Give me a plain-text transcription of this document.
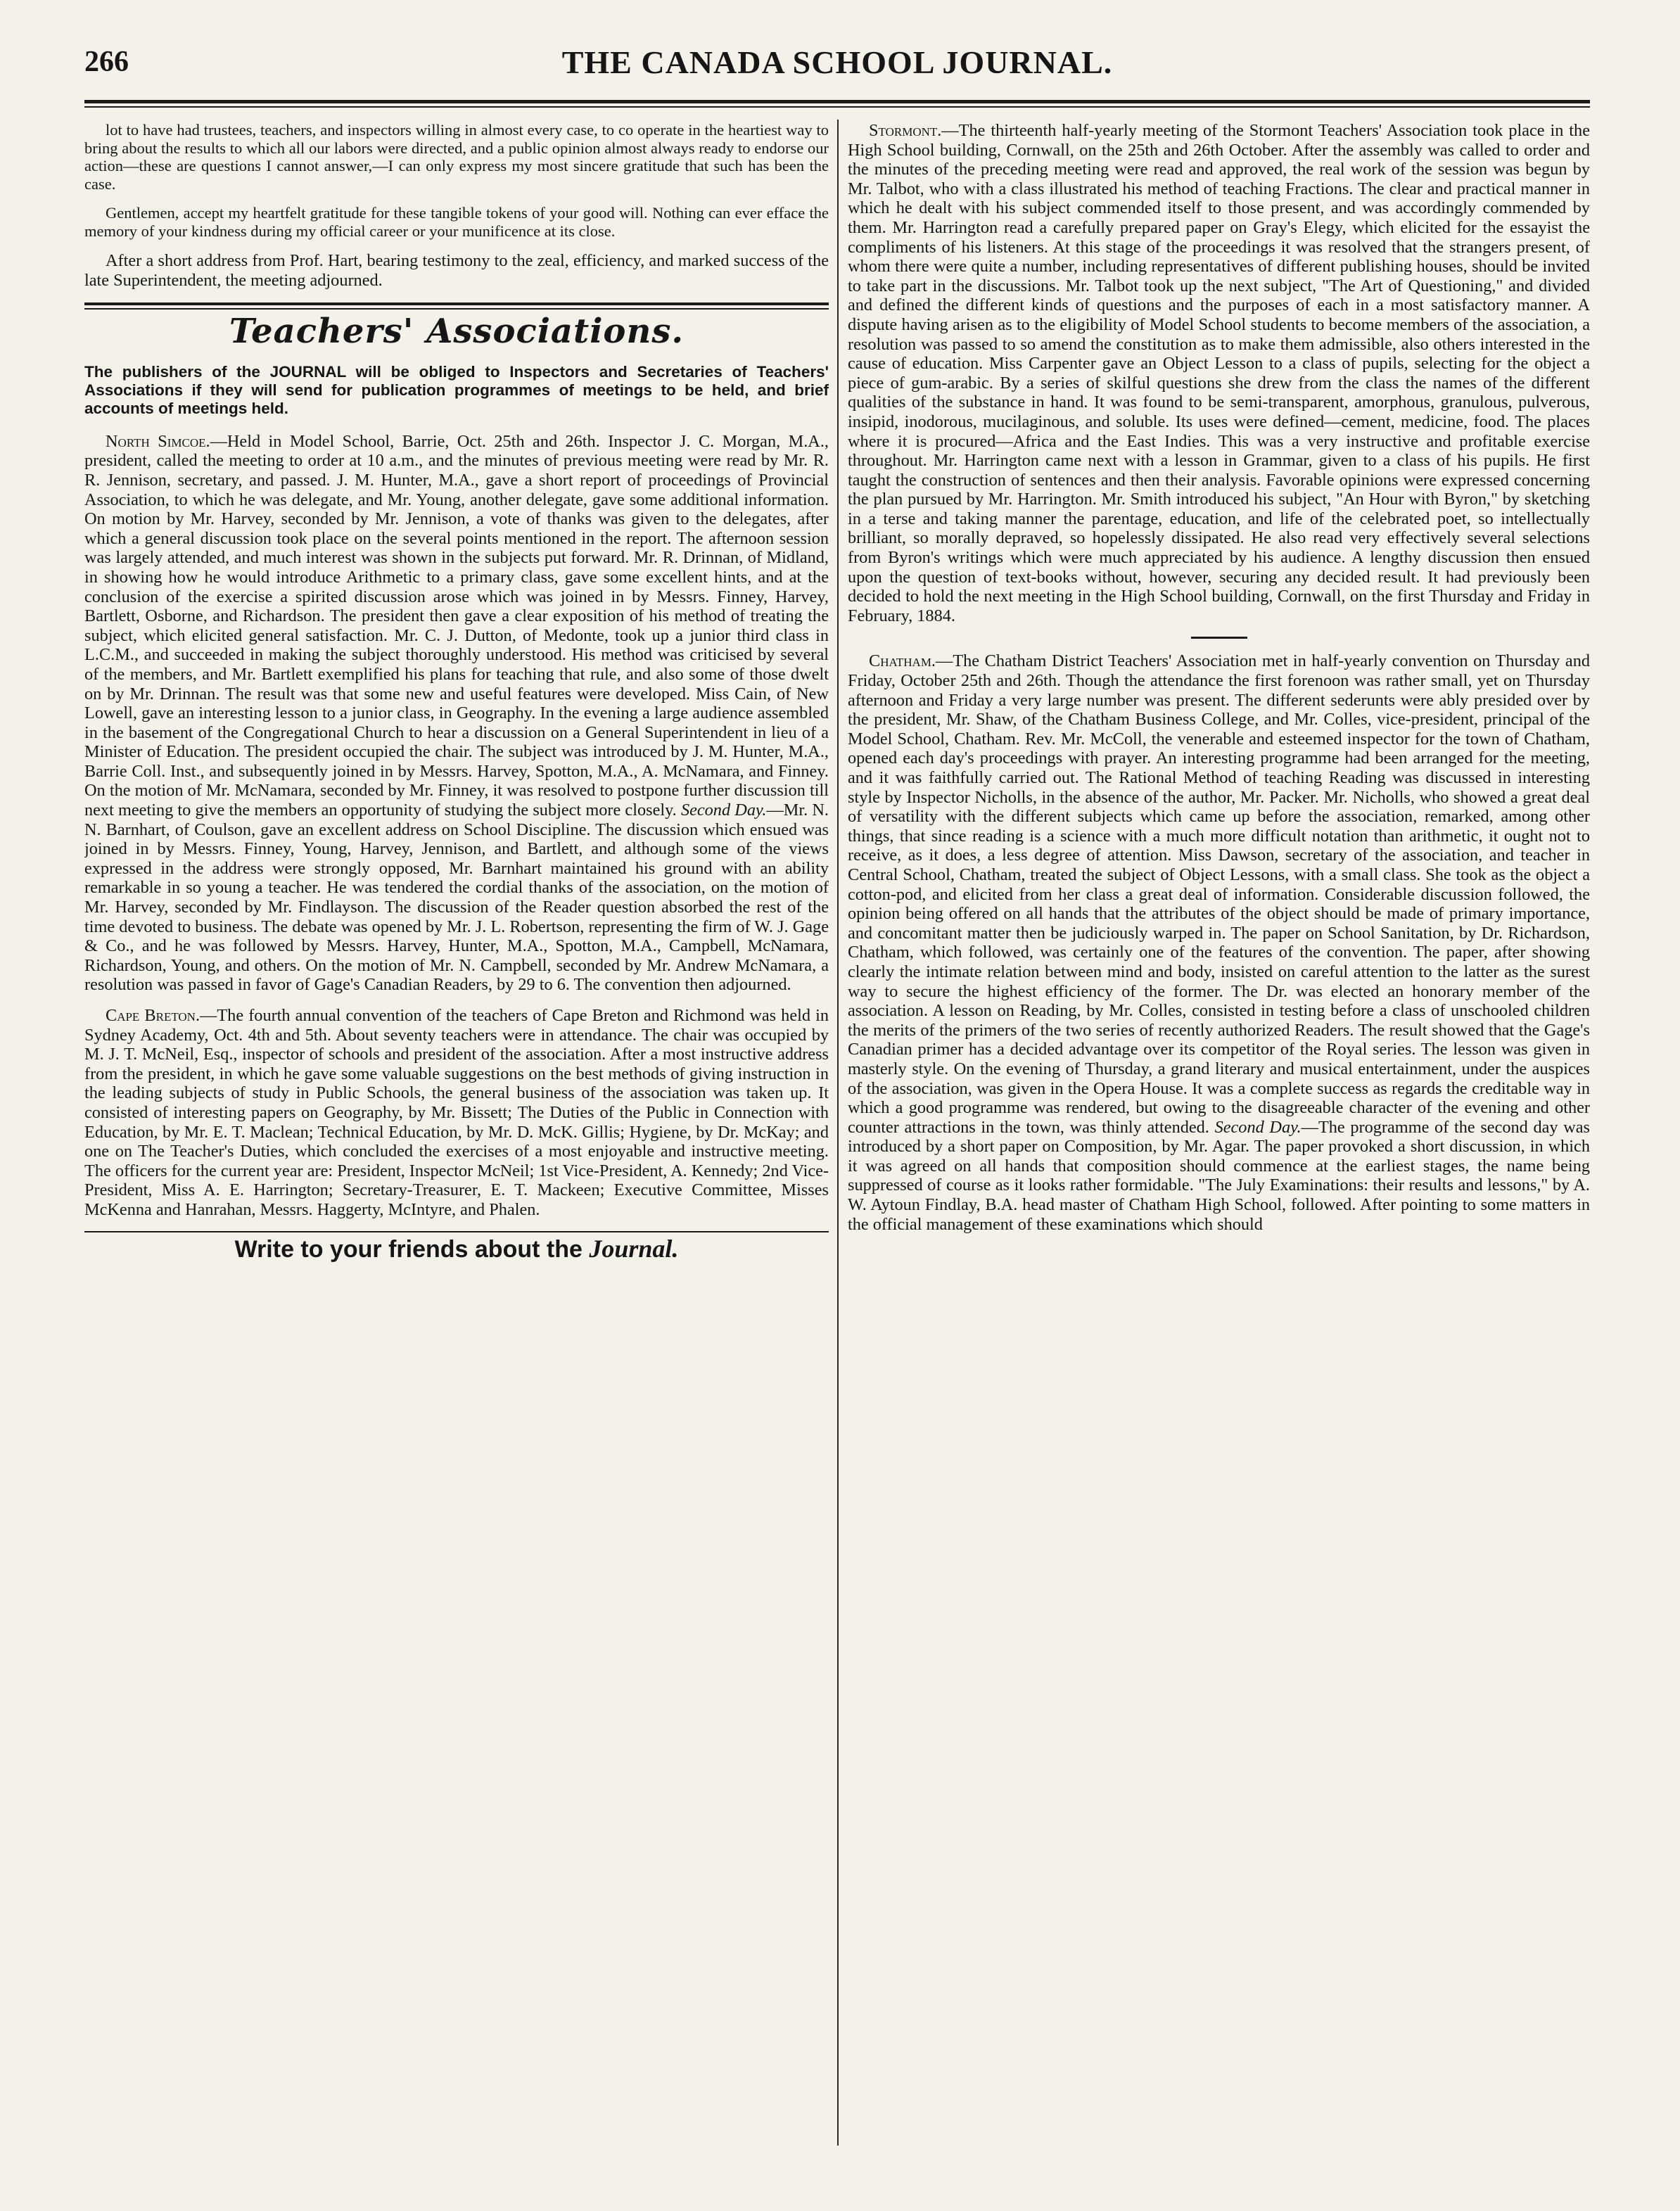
266	THE CANADA SCHOOL JOURNAL.

lot to have had trustees, teachers, and inspectors willing in almost every case, to co operate in the heartiest way to bring about the results to which all our labors were directed, and a public opinion almost always ready to endorse our action—these are questions I cannot answer,—I can only express my most sincere gratitude that such has been the case.

Gentlemen, accept my heartfelt gratitude for these tangible tokens of your good will. Nothing can ever efface the memory of your kindness during my official career or your munificence at its close.

After a short address from Prof. Hart, bearing testimony to the zeal, efficiency, and marked success of the late Superintendent, the meeting adjourned.

Teachers' Associations.

The publishers of the JOURNAL will be obliged to Inspectors and Secretaries of Teachers' Associations if they will send for publication programmes of meetings to be held, and brief accounts of meetings held.

North Simcoe.—Held in Model School, Barrie, Oct. 25th and 26th. Inspector J. C. Morgan, M.A., president, called the meeting to order at 10 a.m., and the minutes of previous meeting were read by Mr. R. R. Jennison, secretary, and passed. J. M. Hunter, M.A., gave a short report of proceedings of Provincial Association, to which he was delegate, and Mr. Young, another delegate, gave some additional information. On motion by Mr. Harvey, seconded by Mr. Jennison, a vote of thanks was given to the delegates, after which a general discussion took place on the several points mentioned in the report. The afternoon session was largely attended, and much interest was shown in the subjects put forward. Mr. R. Drinnan, of Midland, in showing how he would introduce Arithmetic to a primary class, gave some excellent hints, and at the conclusion of the exercise a spirited discussion arose which was joined in by Messrs. Finney, Harvey, Bartlett, Osborne, and Richardson. The president then gave a clear exposition of his method of treating the subject, which elicited general satisfaction. Mr. C. J. Dutton, of Medonte, took up a junior third class in L.C.M., and succeeded in making the subject thoroughly understood. His method was criticised by several of the members, and Mr. Bartlett exemplified his plans for teaching that rule, and also some of those dwelt on by Mr. Drinnan. The result was that some new and useful features were developed. Miss Cain, of New Lowell, gave an interesting lesson to a junior class, in Geography. In the evening a large audience assembled in the basement of the Congregational Church to hear a discussion on a General Superintendent in lieu of a Minister of Education. The president occupied the chair. The subject was introduced by J. M. Hunter, M.A., Barrie Coll. Inst., and subsequently joined in by Messrs. Harvey, Spotton, M.A., A. McNamara, and Finney. On the motion of Mr. McNamara, seconded by Mr. Finney, it was resolved to postpone further discussion till next meeting to give the members an opportunity of studying the subject more closely. Second Day.—Mr. N. N. Barnhart, of Coulson, gave an excellent address on School Discipline. The discussion which ensued was joined in by Messrs. Finney, Young, Harvey, Jennison, and Bartlett, and although some of the views expressed in the address were strongly opposed, Mr. Barnhart maintained his ground with an ability remarkable in so young a teacher. He was tendered the cordial thanks of the association, on the motion of Mr. Harvey, seconded by Mr. Findlayson. The discussion of the Reader question absorbed the rest of the time devoted to business. The debate was opened by Mr. J. L. Robertson, representing the firm of W. J. Gage & Co., and he was followed by Messrs. Harvey, Hunter, M.A., Spotton, M.A., Campbell, McNamara, Richardson, Young, and others. On the motion of Mr. N. Campbell, seconded by Mr. Andrew McNamara, a resolution was passed in favor of Gage's Canadian Readers, by 29 to 6. The convention then adjourned.

Cape Breton.—The fourth annual convention of the teachers of Cape Breton and Richmond was held in Sydney Academy, Oct. 4th and 5th. About seventy teachers were in attendance. The chair was occupied by M. J. T. McNeil, Esq., inspector of schools and president of the association. After a most instructive address from the president, in which he gave some valuable suggestions on the best methods of giving instruction in the leading subjects of study in Public Schools, the general business of the association was taken up. It consisted of interesting papers on Geography, by Mr. Bissett; The Duties of the Public in Connection with Education, by Mr. E. T. Maclean; Technical Education, by Mr. D. McK. Gillis; Hygiene, by Dr. McKay; and one on The Teacher's Duties, which concluded the exercises of a most enjoyable and instructive meeting. The officers for the current year are: President, Inspector McNeil; 1st Vice-President, A. Kennedy; 2nd Vice-President, Miss A. E. Harrington; Secretary-Treasurer, E. T. Mackeen; Executive Committee, Misses McKenna and Hanrahan, Messrs. Haggerty, McIntyre, and Phalen.

Write to your friends about the Journal.

Stormont.—The thirteenth half-yearly meeting of the Stormont Teachers' Association took place in the High School building, Cornwall, on the 25th and 26th October. After the assembly was called to order and the minutes of the preceding meeting were read and approved, the real work of the session was begun by Mr. Talbot, who with a class illustrated his method of teaching Fractions. The clear and practical manner in which he dealt with his subject commended itself to those present, and was accordingly commended by them. Mr. Harrington read a carefully prepared paper on Gray's Elegy, which elicited for the essayist the compliments of his listeners. At this stage of the proceedings it was resolved that the strangers present, of whom there were quite a number, including representatives of different publishing houses, should be invited to take part in the discussions. Mr. Talbot took up the next subject, "The Art of Questioning," and divided and defined the different kinds of questions and the purposes of each in a most satisfactory manner. A dispute having arisen as to the eligibility of Model School students to become members of the association, a resolution was passed to so amend the constitution as to make them admissible, also others interested in the cause of education. Miss Carpenter gave an Object Lesson to a class of pupils, selecting for the object a piece of gum-arabic. By a series of skilful questions she drew from the class the names of the different qualities of the substance in hand. It was found to be semi-transparent, amorphous, granulous, pulverous, insipid, inodorous, mucilaginous, and soluble. Its uses were defined—cement, medicine, food. The places where it is procured—Africa and the East Indies. This was a very instructive and profitable exercise throughout. Mr. Harrington came next with a lesson in Grammar, given to a class of his pupils. He first taught the construction of sentences and then their analysis. Favorable opinions were expressed concerning the plan pursued by Mr. Harrington. Mr. Smith introduced his subject, "An Hour with Byron," by sketching in a terse and taking manner the parentage, education, and life of the celebrated poet, so intellectually brilliant, so morally depraved, so hopelessly dissipated. He also read very effectively several selections from Byron's writings which were much appreciated by his audience. A lengthy discussion then ensued upon the question of text-books without, however, securing any decided result. It had previously been decided to hold the next meeting in the High School building, Cornwall, on the first Thursday and Friday in February, 1884.

Chatham.—The Chatham District Teachers' Association met in half-yearly convention on Thursday and Friday, October 25th and 26th. Though the attendance the first forenoon was rather small, yet on Thursday afternoon and Friday a very large number was present. The different sederunts were ably presided over by the president, Mr. Shaw, of the Chatham Business College, and Mr. Colles, vice-president, principal of the Model School, Chatham. Rev. Mr. McColl, the venerable and esteemed inspector for the town of Chatham, opened each day's proceedings with prayer. An interesting programme had been arranged for the meeting, and it was faithfully carried out. The Rational Method of teaching Reading was discussed in interesting style by Inspector Nicholls, in the absence of the author, Mr. Packer. Mr. Nicholls, who showed a great deal of versatility with the different subjects which came up before the association, remarked, among other things, that since reading is a science with a much more difficult notation than arithmetic, it ought not to receive, as it does, a less degree of attention. Miss Dawson, secretary of the association, and teacher in Central School, Chatham, treated the subject of Object Lessons, with a small class. She took as the object a cotton-pod, and elicited from her class a great deal of information. Considerable discussion followed, the opinion being offered on all hands that the attributes of the object should be made of primary importance, and concomitant matter then be judiciously warped in. The paper on School Sanitation, by Dr. Richardson, Chatham, which followed, was certainly one of the features of the convention. The paper, after showing clearly the intimate relation between mind and body, insisted on careful attention to the latter as the surest way to secure the highest efficiency of the former. The Dr. was elected an honorary member of the association. A lesson on Reading, by Mr. Colles, consisted in testing before a class of unschooled children the merits of the primers of the two series of recently authorized Readers. The result showed that the Gage's Canadian primer has a decided advantage over its competitor of the Royal series. The lesson was given in masterly style. On the evening of Thursday, a grand literary and musical entertainment, under the auspices of the association, was given in the Opera House. It was a complete success as regards the creditable way in which a good programme was rendered, but owing to the disagreeable character of the evening and other counter attractions in the town, was thinly attended. Second Day.—The programme of the second day was introduced by a short paper on Composition, by Mr. Agar. The paper provoked a short discussion, in which it was agreed on all hands that composition should commence at the earliest stages, the name being suppressed of course as it looks rather formidable. "The July Examinations: their results and lessons," by A. W. Aytoun Findlay, B.A. head master of Chatham High School, followed. After pointing to some matters in the official management of these examinations which should
